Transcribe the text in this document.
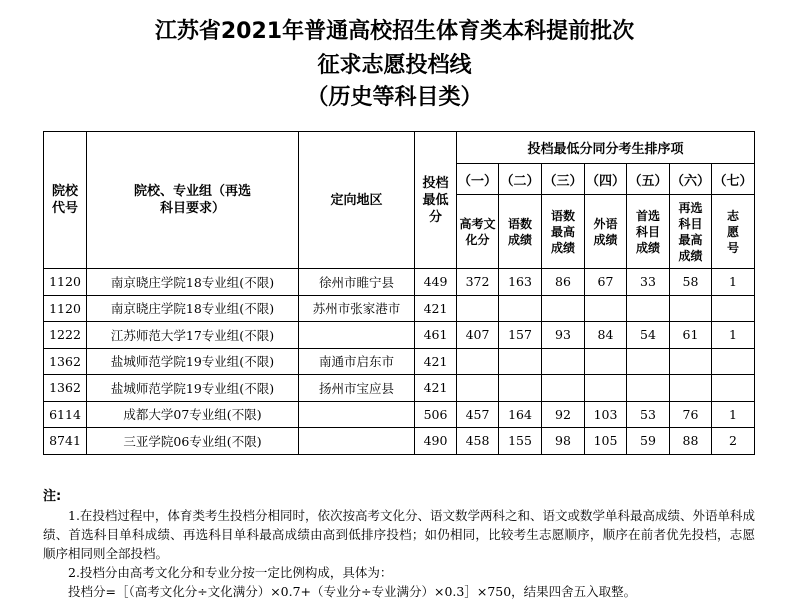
江苏省2021年普通高校招生体育类本科提前批次
征求志愿投档线
（历史等科目类）
院校代号	院校、专业组（再选科目要求）	定向地区	投档最低分	投档最低分同分考生排序项						
				（一）	（二）	（三）	（四）	（五）	（六）	（七）

				高考文化分	语数成绩	语数最高成绩	外语成绩	首选科目成绩	再选科目最高成绩	志愿号

1120	南京晓庄学院18专业组(不限)	徐州市睢宁县	449	372	163	86	67	33	58	1
1120	南京晓庄学院18专业组(不限)	苏州市张家港市	421							
1222	江苏师范大学17专业组(不限)		461	407	157	93	84	54	61	1
1362	盐城师范学院19专业组(不限)	南通市启东市	421							
1362	盐城师范学院19专业组(不限)	扬州市宝应县	421							
6114	成都大学07专业组(不限)		506	457	164	92	103	53	76	1
8741	三亚学院06专业组(不限)		490	458	155	98	105	59	88	2
注:

1.在投档过程中，体育类考生投档分相同时，依次按高考文化分、语文数学两科之和、语文或数学单科最高成绩、外语单科成绩、首选科目单科成绩、再选科目单科最高成绩由高到低排序投档；如仍相同，比较考生志愿顺序，顺序在前者优先投档，志愿顺序相同则全部投档。

2.投档分由高考文化分和专业分按一定比例构成，具体为：

投档分=［（高考文化分÷文化满分）×0.7+（专业分÷专业满分）×0.3］×750，结果四舍五入取整。
